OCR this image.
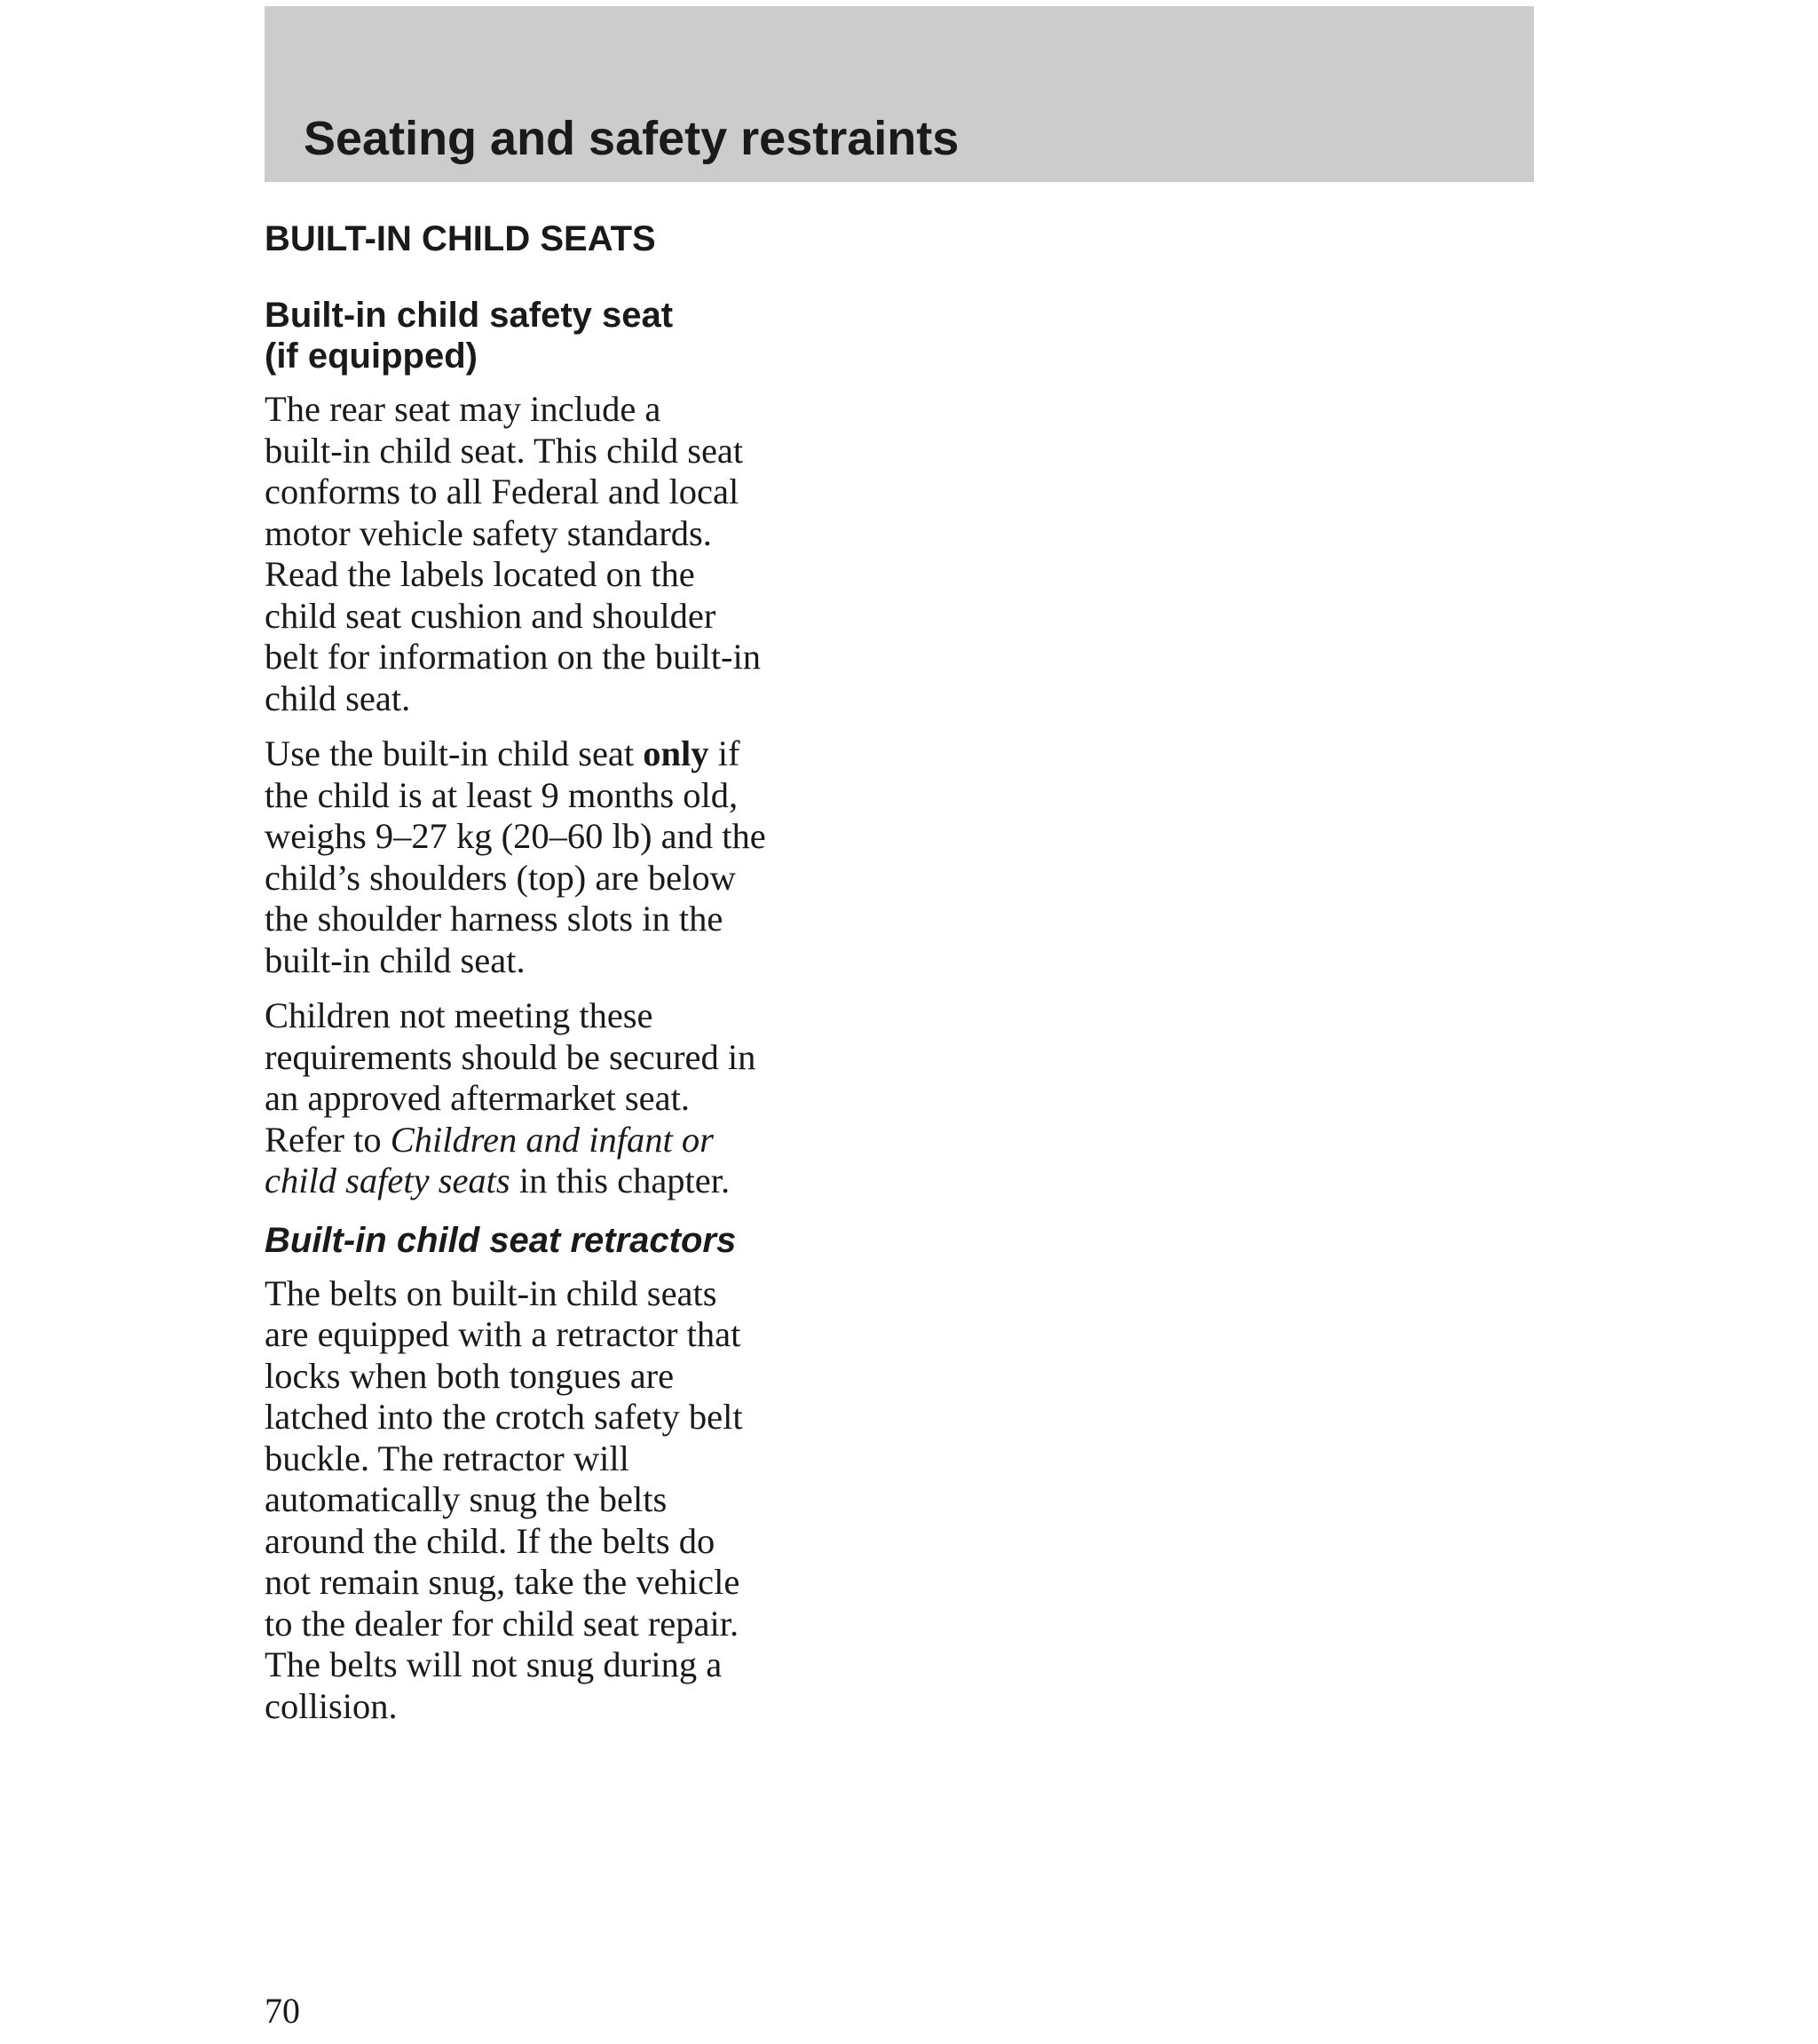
Seating and safety restraints
BUILT-IN CHILD SEATS
Built-in child safety seat
(if equipped)

The rear seat may include a
built-in child seat. This child seat
conforms to all Federal and local
motor vehicle safety standards.
Read the labels located on the
child seat cushion and shoulder
belt for information on the built-in
child seat.

Use the built-in child seat only if
the child is at least 9 months old,
weighs 9–27 kg (20–60 lb) and the
child’s shoulders (top) are below
the shoulder harness slots in the
built-in child seat.

Children not meeting these
requirements should be secured in
an approved aftermarket seat.
Refer to Children and infant or
child safety seats in this chapter.

Built-in child seat retractors

The belts on built-in child seats
are equipped with a retractor that
locks when both tongues are
latched into the crotch safety belt
buckle. The retractor will
automatically snug the belts
around the child. If the belts do
not remain snug, take the vehicle
to the dealer for child seat repair.
The belts will not snug during a
collision.

70
